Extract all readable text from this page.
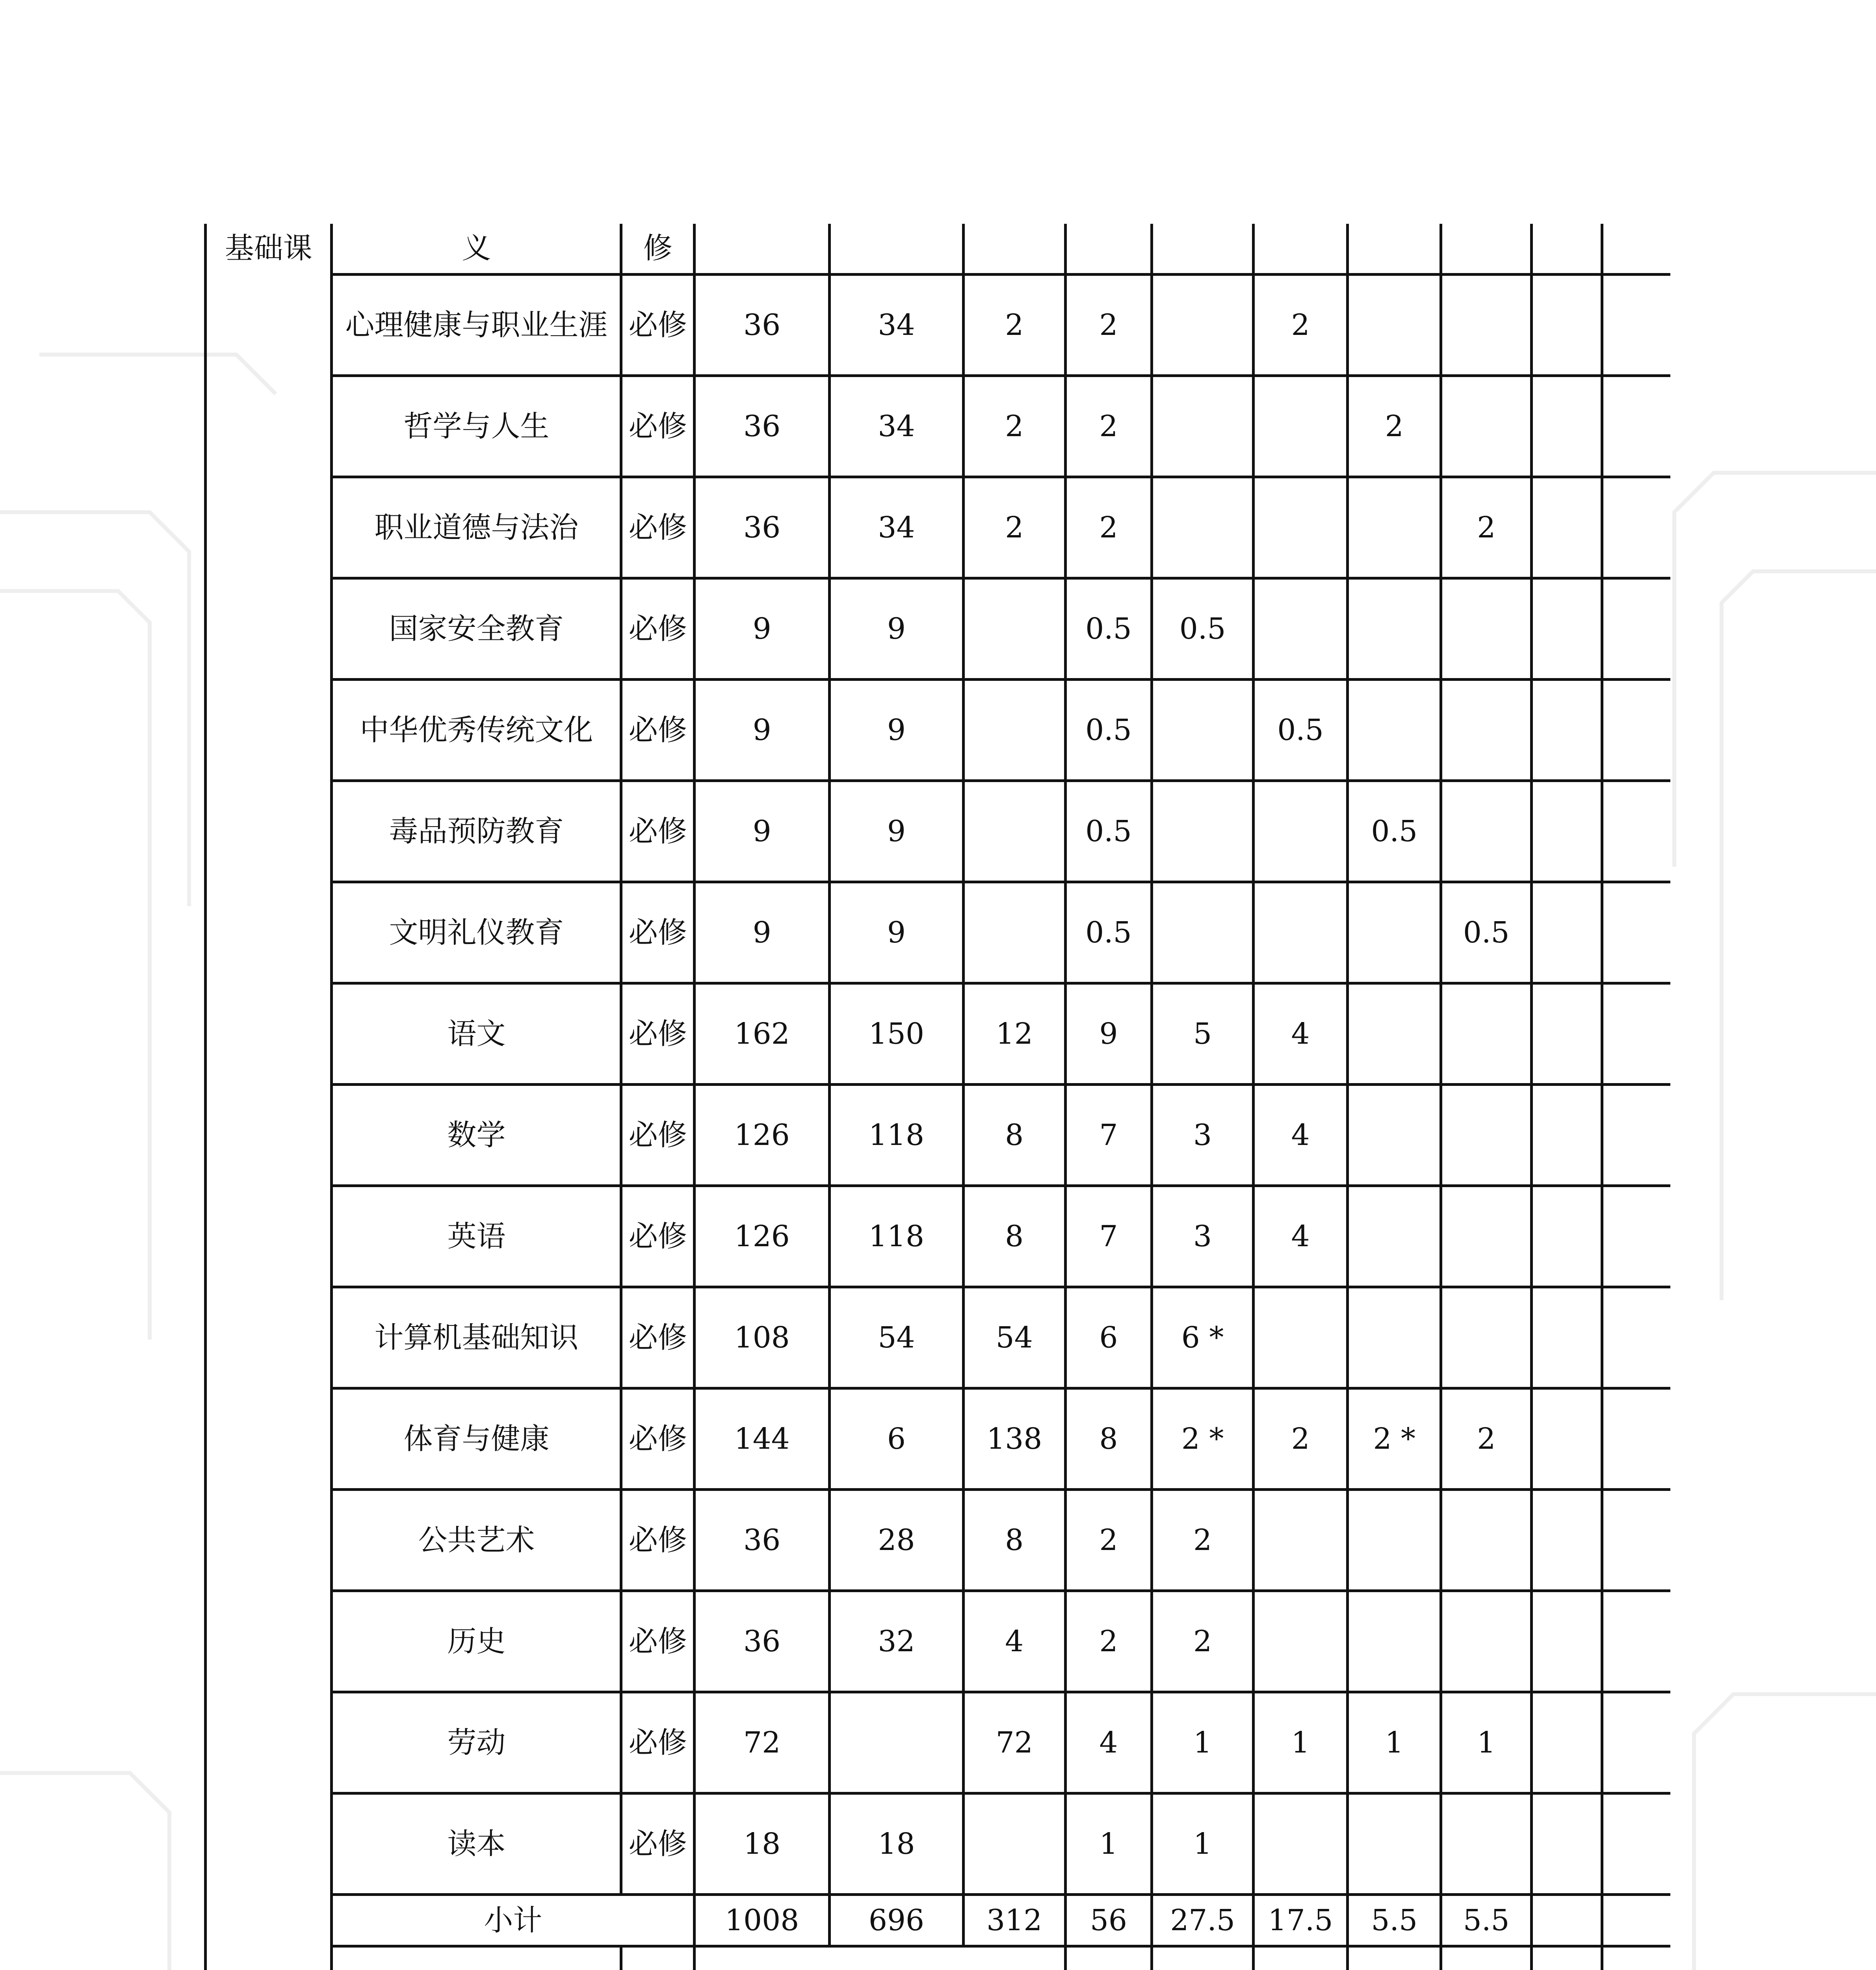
基础课	义		修										
	心理健康与职业生涯		必修	36	34	2	2		2				
	哲学与人生		必修	36	34	2	2			2			
	职业道德与法治		必修	36	34	2	2				2		
	国家安全教育		必修	9	9		0.5	0.5					
	中华优秀传统文化		必修	9	9		0.5		0.5				
	毒品预防教育		必修	9	9		0.5			0.5			
	文明礼仪教育		必修	9	9		0.5				0.5		
	语文		必修	162	150	12	9	5	4				
	数学		必修	126	118	8	7	3	4				
	英语		必修	126	118	8	7	3	4				
	计算机基础知识		必修	108	54	54	6	6 *					
	体育与健康		必修	144	6	138	8	2 *	2	2 *	2		
	公共艺术		必修	36	28	8	2	2					
	历史		必修	36	32	4	2	2					
	劳动		必修	72		72	4	1	1	1	1		
	读本		必修	18	18		1	1					
	小计			1008	696	312	56	27.5	17.5	5.5	5.5		
